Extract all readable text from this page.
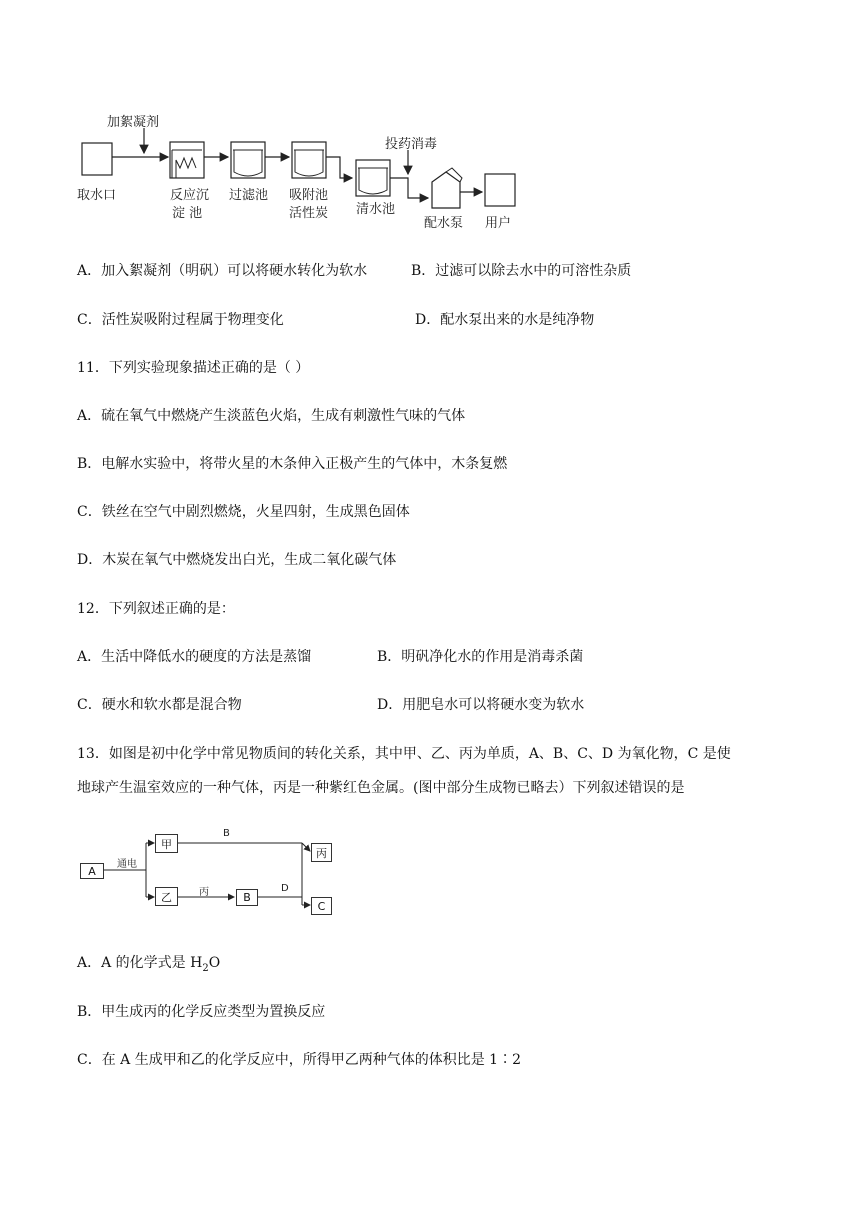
加絮凝剂
取水口	反应沉
淀 池
过滤池 吸附池
活性炭 清水池
投药消毒
配水泵 用户
A．加入絮凝剂（明矾）可以将硬水转化为软水	B．过滤可以除去水中的可溶性杂质
C．活性炭吸附过程属于物理变化	D．配水泵出来的水是纯净物
11．下列实验现象描述正确的是（ ）
A．硫在氧气中燃烧产生淡蓝色火焰，生成有刺激性气味的气体
B．电解水实验中，将带火星的木条伸入正极产生的气体中，木条复燃
C．铁丝在空气中剧烈燃烧，火星四射，生成黑色固体
D．木炭在氧气中燃烧发出白光，生成二氧化碳气体
12．下列叙述正确的是：
A．生活中降低水的硬度的方法是蒸馏	B．明矾净化水的作用是消毒杀菌
C．硬水和软水都是混合物	D．用肥皂水可以将硬水变为软水
13．如图是初中化学中常见物质间的转化关系，其中甲、乙、丙为单质，A、B、C、D 为氧化物，C 是使
地球产生温室效应的一种气体，丙是一种紫红色金属。(图中部分生成物已略去）下列叙述错误的是
A
甲
乙	B
丙
C
通电
B
丙	D
A．A 的化学式是 $H_2O$
B．甲生成丙的化学反应类型为置换反应
C．在 A 生成甲和乙的化学反应中，所得甲乙两种气体的体积比是 1∶2
